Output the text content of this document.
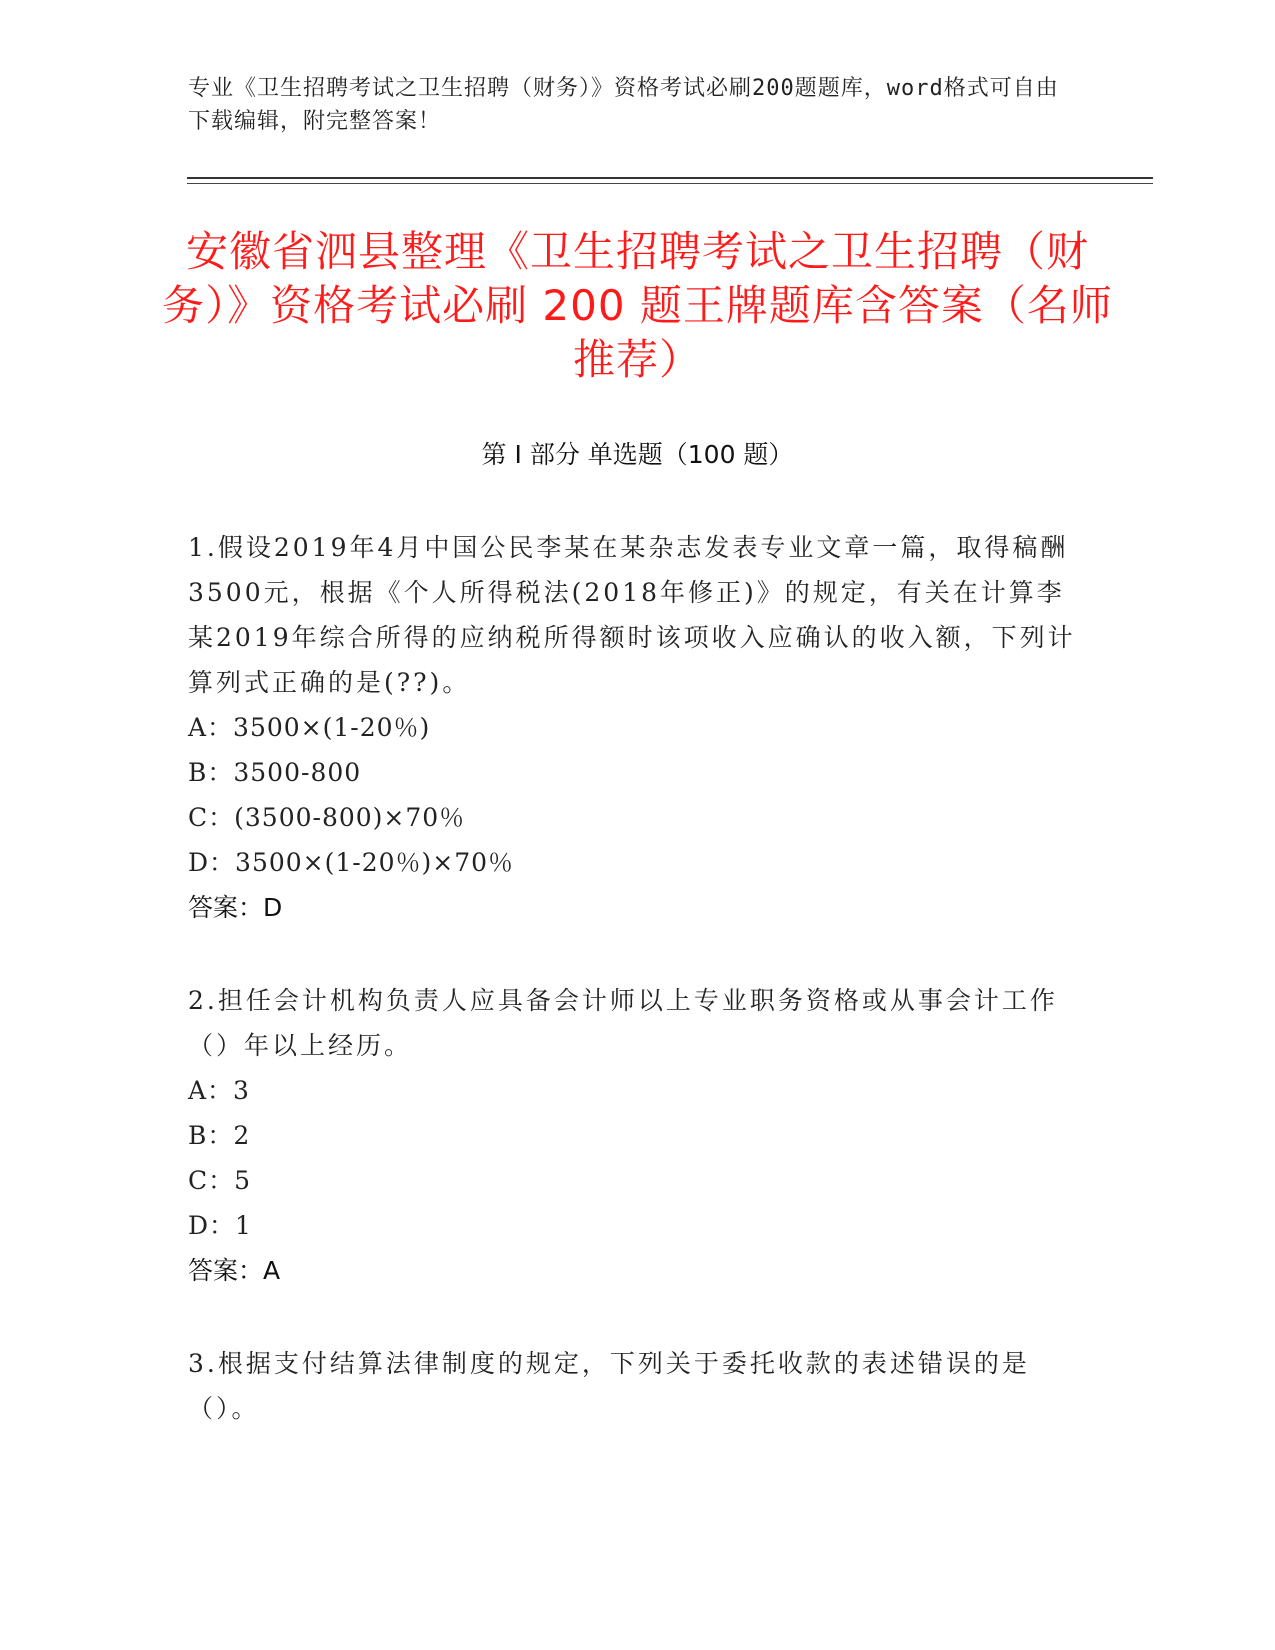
专业《卫生招聘考试之卫生招聘（财务）》资格考试必刷200题题库，word格式可自由下载编辑，附完整答案！
安徽省泗县整理《卫生招聘考试之卫生招聘（财务）》资格考试必刷 200 题王牌题库含答案（名师推荐）
第 I 部分 单选题（100 题）

1.假设2019年4月中国公民李某在某杂志发表专业文章一篇，取得稿酬3500元，根据《个人所得税法(2018年修正)》的规定，有关在计算李某2019年综合所得的应纳税所得额时该项收入应确认的收入额，下列计算列式正确的是(??)。

A：3500×(1-20％)
B：3500-800
C：(3500-800)×70％
D：3500×(1-20％)×70％

答案：D

2.担任会计机构负责人应具备会计师以上专业职务资格或从事会计工作（）年以上经历。

A：3
B：2
C：5
D：1

答案：A

3.根据支付结算法律制度的规定，下列关于委托收款的表述错误的是（）。
